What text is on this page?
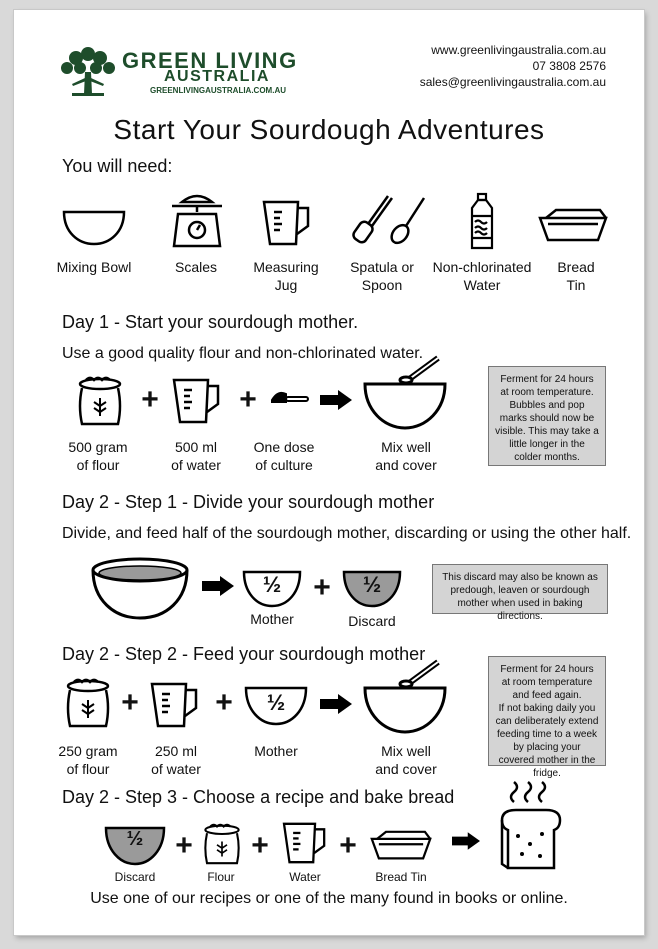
GREEN LIVING
AUSTRALIA
GREENLIVINGAUSTRALIA.COM.AU
www.greenlivingaustralia.com.au
07 3808 2576
sales@greenlivingaustralia.com.au
Start Your Sourdough Adventures
You will need:
Mixing Bowl	Scales	Measuring
Jug
Spatula or
Spoon
Non-chlorinated
Water
Bread
Tin
Day 1 - Start your sourdough mother.
Use a good quality flour and non-chlorinated water.
+	+
500 gram
of flour
500 ml
of water
One dose
of culture
Mix well
and cover
Ferment for 24 hours at room temperature. Bubbles and pop marks should now be visible. This may take a little longer in the colder months.
Day 2 - Step 1 - Divide your sourdough mother
Divide, and feed half of the sourdough mother, discarding or using the other half.
½	+	½
Mother	Discard
This discard may also be known as predough, leaven or sourdough mother when used in baking directions.
Day 2 - Step 2 - Feed your sourdough mother
+	+	½
250 gram
of flour
250 ml
of water
Mother	Mix well
and cover
Ferment for 24 hours at room temperature and feed again.
If not baking daily you can deliberately extend feeding time to a week by placing your covered mother in the fridge.
Day 2 - Step 3 - Choose a recipe and bake bread
½	+ + +
Discard	Flour	Water	Bread Tin
Use one of our recipes or one of the many found in books or online.
